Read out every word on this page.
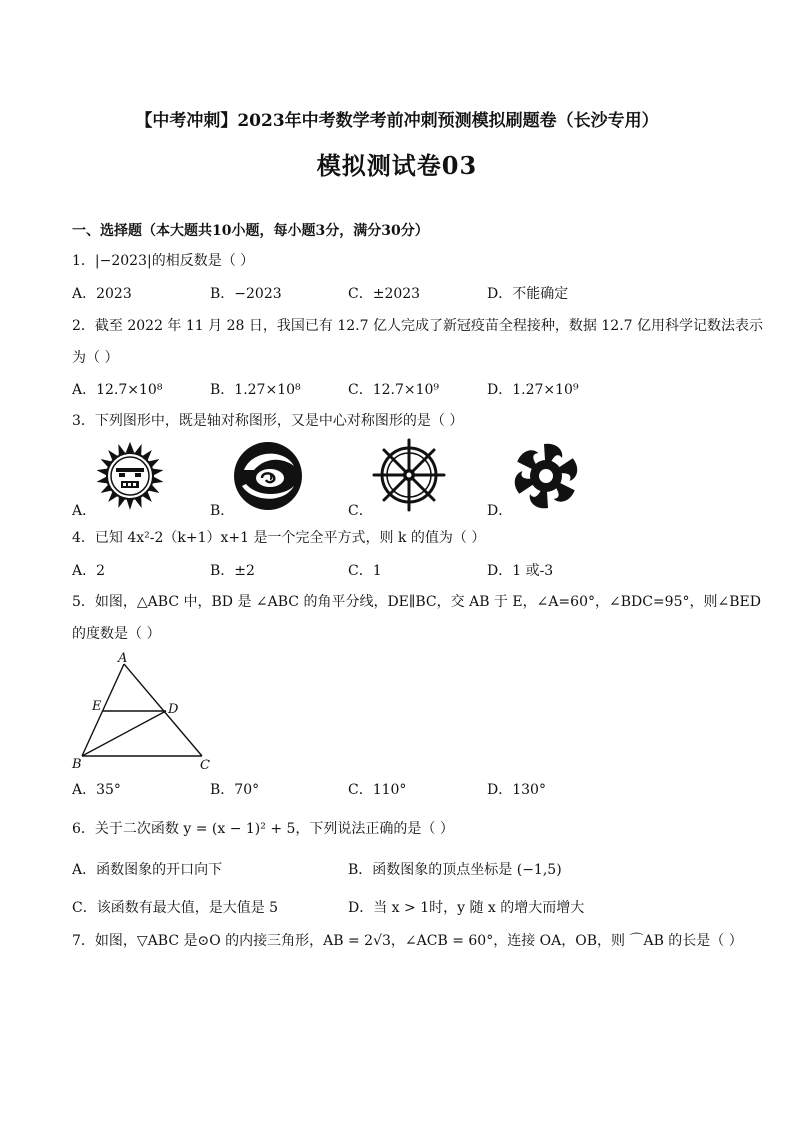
【中考冲刺】2023年中考数学考前冲刺预测模拟刷题卷（长沙专用）
模拟测试卷03
一、选择题（本大题共10小题，每小题3分，满分30分）
1．|−2023|的相反数是（ ）
A．2023	B．−2023	C．±2023	D．不能确定
2．截至 2022 年 11 月 28 日，我国已有 12.7 亿人完成了新冠疫苗全程接种，数据 12.7 亿用科学记数法表示
为（ ）
A．12.7×10⁸	B．1.27×10⁸	C．12.7×10⁹	D．1.27×10⁹
3．下列图形中，既是轴对称图形，又是中心对称图形的是（ ）
A．	B．	C．	D．
4．已知 4x²-2（k+1）x+1 是一个完全平方式，则 k 的值为（ ）
A．2	B．±2	C．1	D．1 或-3
5．如图，△ABC 中，BD 是 ∠ABC 的角平分线，DE∥BC，交 AB 于 E，∠A=60°，∠BDC=95°，则∠BED
的度数是（ ）
A
B	C
D
E
A．35°	B．70°	C．110°	D．130°
6．关于二次函数 y = (x − 1)² + 5，下列说法正确的是（ ）
A．函数图象的开口向下	B．函数图象的顶点坐标是 (−1,5)
C．该函数有最大值，是大值是 5	D．当 x > 1时，y 随 x 的增大而增大
7．如图，▽ABC 是⊙O 的内接三角形，AB = 2√3，∠ACB = 60°，连接 OA，OB，则 ⌒AB 的长是（ ）
